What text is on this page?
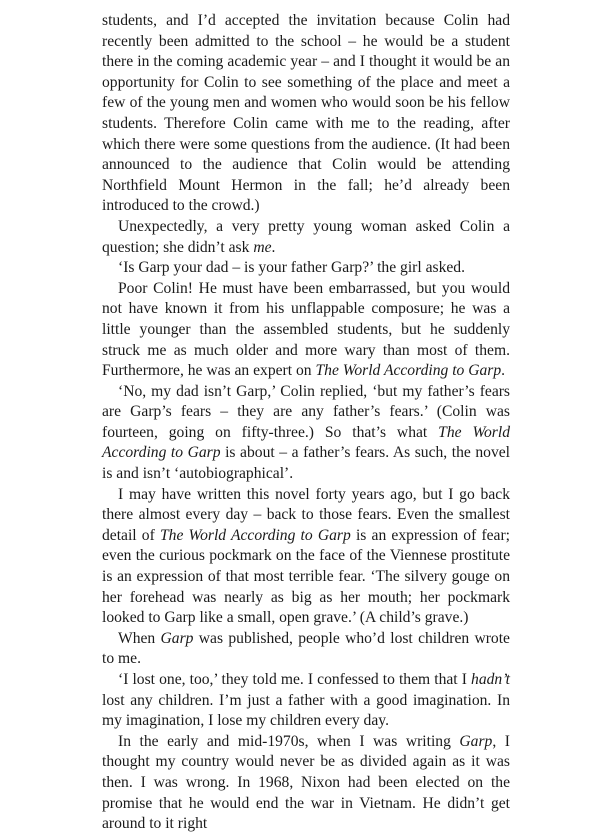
students, and I’d accepted the invitation because Colin had recently been admitted to the school – he would be a student there in the coming academic year – and I thought it would be an opportunity for Colin to see something of the place and meet a few of the young men and women who would soon be his fellow students. Therefore Colin came with me to the reading, after which there were some questions from the audience. (It had been announced to the audience that Colin would be attending Northfield Mount Hermon in the fall; he’d already been introduced to the crowd.)

Unexpectedly, a very pretty young woman asked Colin a question; she didn’t ask me.

‘Is Garp your dad – is your father Garp?’ the girl asked.

Poor Colin! He must have been embarrassed, but you would not have known it from his unflappable composure; he was a little younger than the assembled students, but he suddenly struck me as much older and more wary than most of them. Furthermore, he was an expert on The World According to Garp.

‘No, my dad isn’t Garp,’ Colin replied, ‘but my father’s fears are Garp’s fears – they are any father’s fears.’ (Colin was fourteen, going on fifty-three.) So that’s what The World According to Garp is about – a father’s fears. As such, the novel is and isn’t ‘autobiographical’.

I may have written this novel forty years ago, but I go back there almost every day – back to those fears. Even the smallest detail of The World According to Garp is an expression of fear; even the curious pockmark on the face of the Viennese prostitute is an expression of that most terrible fear. ‘The silvery gouge on her forehead was nearly as big as her mouth; her pockmark looked to Garp like a small, open grave.’ (A child’s grave.)

When Garp was published, people who’d lost children wrote to me.

‘I lost one, too,’ they told me. I confessed to them that I hadn’t lost any children. I’m just a father with a good imagination. In my imagination, I lose my children every day.

In the early and mid-1970s, when I was writing Garp, I thought my country would never be as divided again as it was then. I was wrong. In 1968, Nixon had been elected on the promise that he would end the war in Vietnam. He didn’t get around to it right
